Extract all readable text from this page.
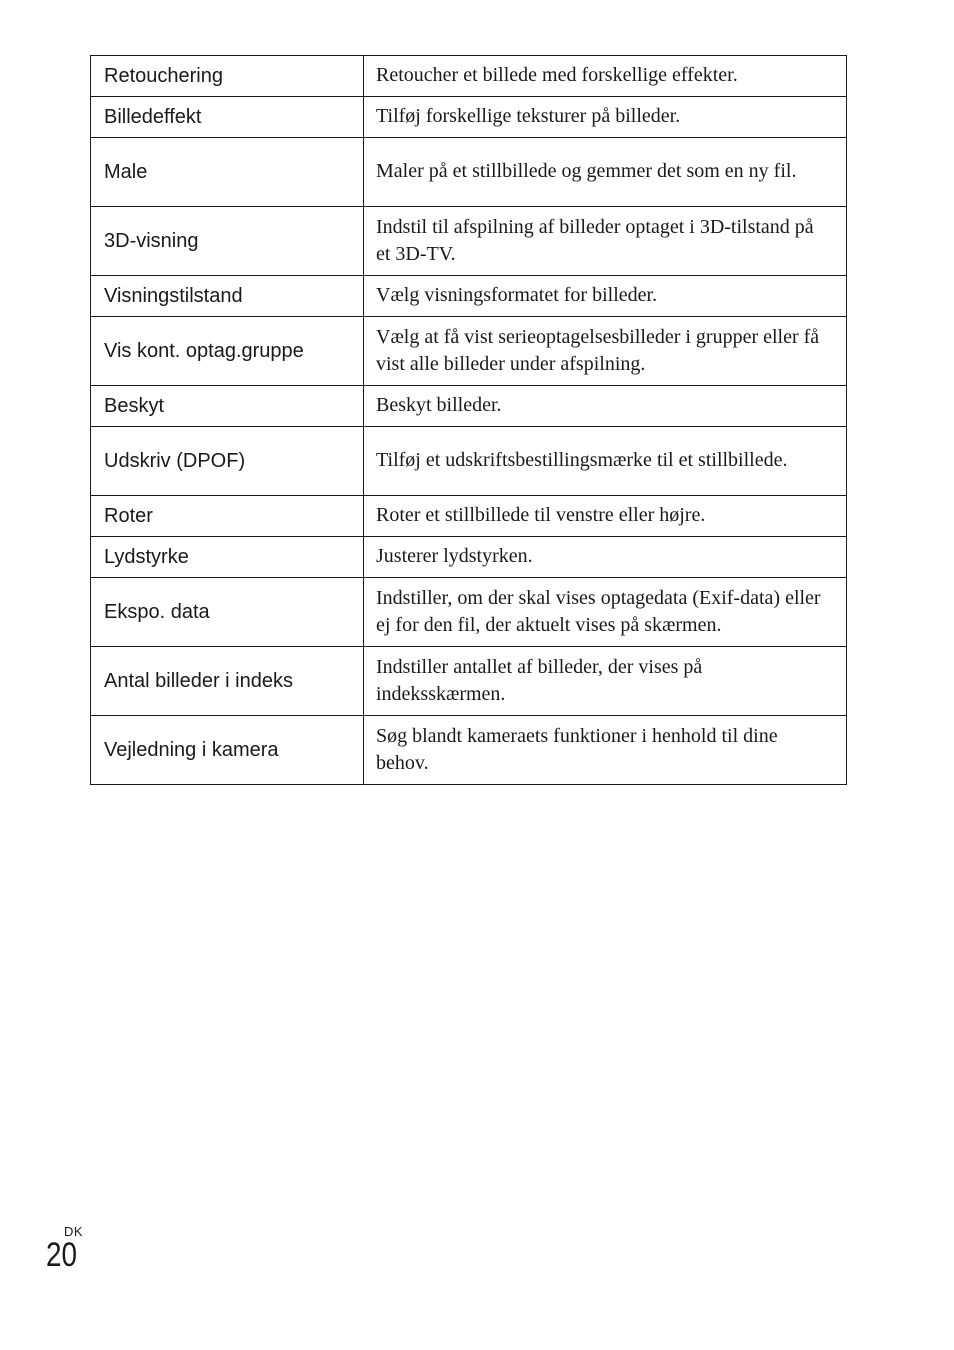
Retouchering	Retoucher et billede med forskellige effekter.
Billedeffekt	Tilføj forskellige teksturer på billeder.
Male	Maler på et stillbillede og gemmer det som en ny fil.
3D-visning	Indstil til afspilning af billeder optaget i 3D-tilstand på et 3D-TV.
Visningstilstand	Vælg visningsformatet for billeder.
Vis kont. optag.gruppe	Vælg at få vist serieoptagelsesbilleder i grupper eller få vist alle billeder under afspilning.
Beskyt	Beskyt billeder.
Udskriv (DPOF)	Tilføj et udskriftsbestillingsmærke til et stillbillede.
Roter	Roter et stillbillede til venstre eller højre.
Lydstyrke	Justerer lydstyrken.
Ekspo. data	Indstiller, om der skal vises optagedata (Exif-data) eller ej for den fil, der aktuelt vises på skærmen.
Antal billeder i indeks	Indstiller antallet af billeder, der vises på indeksskærmen.
Vejledning i kamera	Søg blandt kameraets funktioner i henhold til dine behov.
DK
20
